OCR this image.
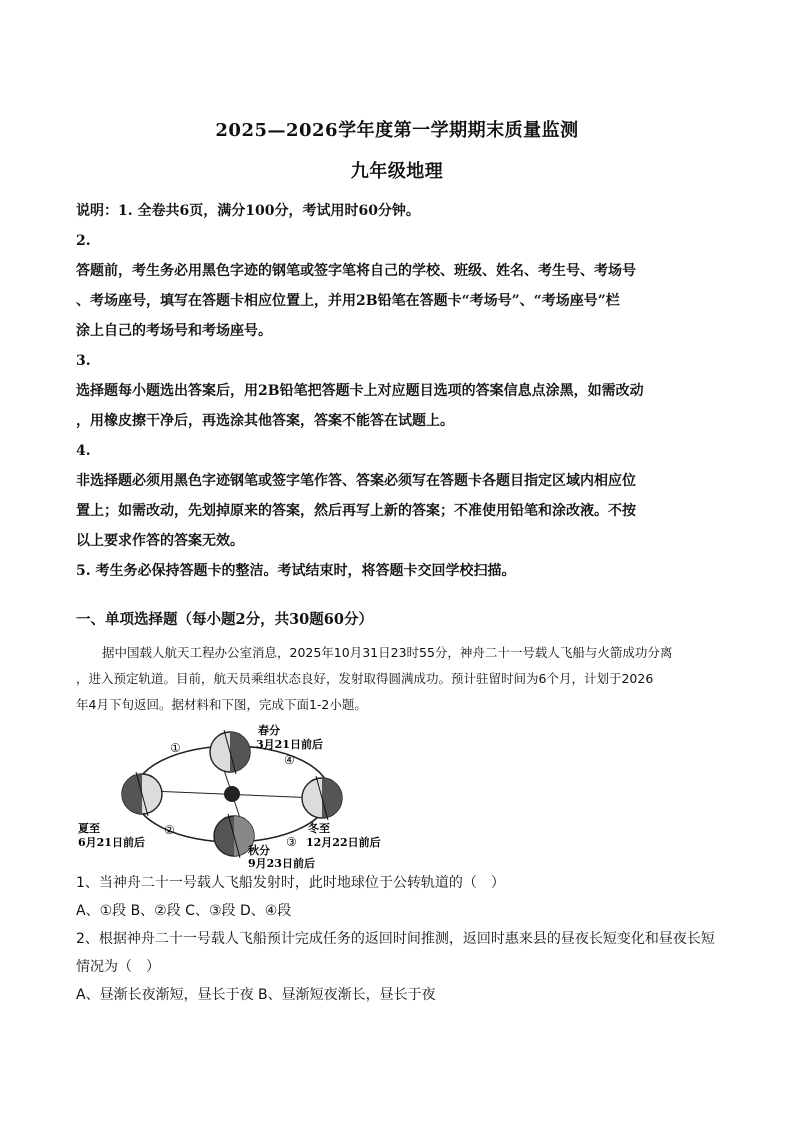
2025—2026学年度第一学期期末质量监测
九年级地理
说明：1. 全卷共6页，满分100分，考试用时60分钟。
2.
答题前，考生务必用黑色字迹的钢笔或签字笔将自己的学校、班级、姓名、考生号、考场号
、考场座号，填写在答题卡相应位置上，并用2B铅笔在答题卡“考场号”、“考场座号”栏
涂上自己的考场号和考场座号。
3.
选择题每小题选出答案后，用2B铅笔把答题卡上对应题目选项的答案信息点涂黑，如需改动
，用橡皮擦干净后，再选涂其他答案，答案不能答在试题上。
4.
非选择题必须用黑色字迹钢笔或签字笔作答、答案必须写在答题卡各题目指定区域内相应位
置上；如需改动，先划掉原来的答案，然后再写上新的答案；不准使用铅笔和涂改液。不按
以上要求作答的答案无效。
5. 考生务必保持答题卡的整洁。考试结束时，将答题卡交回学校扫描。
一、单项选择题（每小题2分，共30题60分）
据中国载人航天工程办公室消息，2025年10月31日23时55分，神舟二十一号载人飞船与火箭成功分离
，进入预定轨道。目前，航天员乘组状态良好，发射取得圆满成功。预计驻留时间为6个月，计划于2026
年4月下旬返回。据材料和下图，完成下面1-2小题。
春分
3月21日前后
夏至
6月21日前后
冬至
12月22日前后
秋分
9月23日前后
①
②
③
④
1、当神舟二十一号载人飞船发射时，此时地球位于公转轨道的（　）
A、①段 B、②段 C、③段 D、④段
2、根据神舟二十一号载人飞船预计完成任务的返回时间推测，返回时惠来县的昼夜长短变化和昼夜长短
情况为（　）
A、昼渐长夜渐短，昼长于夜 B、昼渐短夜渐长，昼长于夜
